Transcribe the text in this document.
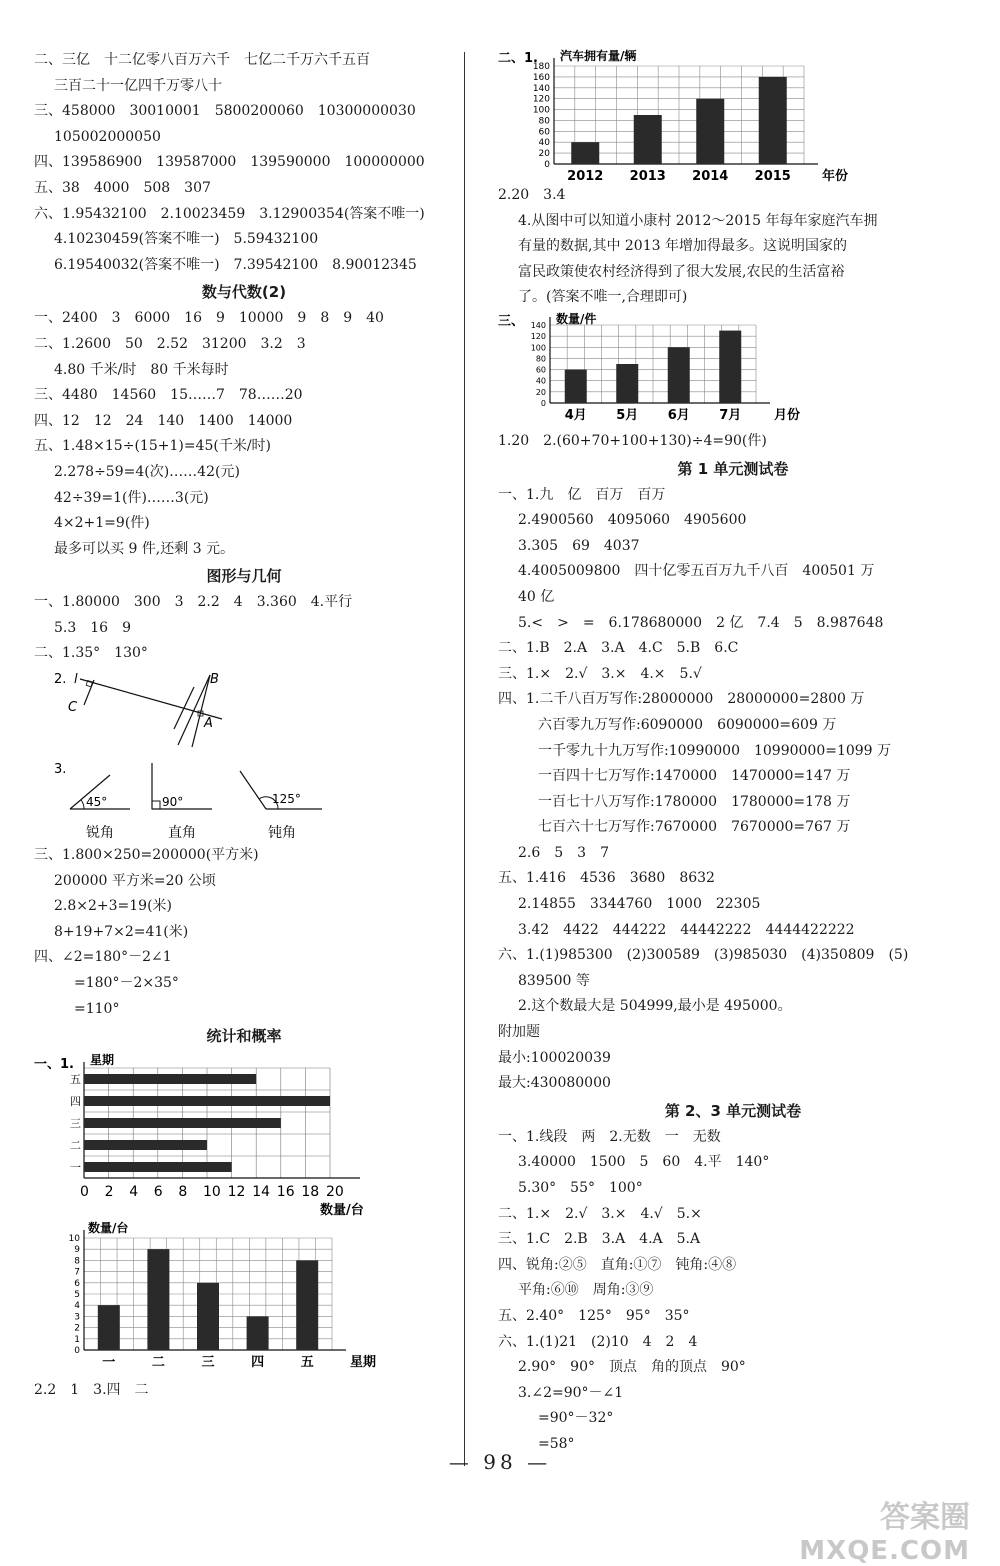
二、三亿　十二亿零八百万六千　七亿二千万六千五百
三百二十一亿四千万零八十
三、458000　30010001　5800200060　10300000030
105002000050
四、139586900　139587000　139590000　100000000
五、38　4000　508　307
六、1.95432100　2.10023459　3.12900354(答案不唯一)
4.10230459(答案不唯一)　5.59432100
6.19540032(答案不唯一)　7.39542100　8.90012345
数与代数(2)
一、2400　3　6000　16　9　10000　9　8　9　40
二、1.2600　50　2.52　31200　3.2　3
4.80 千米/时　80 千米每时
三、4480　14560　15……7　78……20
四、12　12　24　140　1400　14000
五、1.48×15÷(15+1)=45(千米/时)
2.278÷59=4(次)……42(元)
42÷39=1(件)……3(元)
4×2+1=9(件)
最多可以买 9 件,还剩 3 元。
图形与几何
一、1.80000　300　3　2.2　4　3.360　4.平行
5.3　16　9
二、1.35°　130°
2. l
C
B
A
3.
45°
锐角
90°
直角
125°
钝角
三、1.800×250=200000(平方米)
200000 平方米=20 公顷
2.8×2+3=19(米)
8+19+7×2=41(米)
四、∠2=180°－2∠1
=180°－2×35°
=110°
统计和概率
一、1. 星期
五
四
三
二
一
0 2 4 6 8 10 12 14 16 18 20
数量/台
数量/台
0
1
2
3
4
5
6
7
8
9
10
一	二	三	四	五	星期
2.2　1　3.四　二
二、1. 汽车拥有量/辆
0
20
40
60
80
100
120
140
160
180
2012 2013 2014 2015 年份
2.20　3.4
4.从图中可以知道小康村 2012～2015 年每年家庭汽车拥
有量的数据,其中 2013 年增加得最多。这说明国家的
富民政策使农村经济得到了很大发展,农民的生活富裕
了。(答案不唯一,合理即可)
三、	数量/件
0
20
40
60
80
100
120
140
4月 5月 6月 7月	月份
1.20　2.(60+70+100+130)÷4=90(件)
第 1 单元测试卷
一、1.九　亿　百万　百万
2.4900560　4095060　4905600
3.305　69　4037
4.4005009800　四十亿零五百万九千八百　400501 万
40 亿
5.<　>　=　6.178680000　2 亿　7.4　5　8.987648
二、1.B　2.A　3.A　4.C　5.B　6.C
三、1.×　2.√　3.×　4.×　5.√
四、1.二千八百万写作:28000000　28000000=2800 万
六百零九万写作:6090000　6090000=609 万
一千零九十九万写作:10990000　10990000=1099 万
一百四十七万写作:1470000　1470000=147 万
一百七十八万写作:1780000　1780000=178 万
七百六十七万写作:7670000　7670000=767 万
2.6　5　3　7
五、1.416　4536　3680　8632
2.14855　3344760　1000　22305
3.42　4422　444222　44442222　4444422222
六、1.(1)985300　(2)300589　(3)985030　(4)350809　(5)
839500 等
2.这个数最大是 504999,最小是 495000。
附加题
最小:100020039
最大:430080000
第 2、3 单元测试卷
一、1.线段　两　2.无数　一　无数
3.40000　1500　5　60　4.平　140°
5.30°　55°　100°
二、1.×　2.√　3.×　4.√　5.×
三、1.C　2.B　3.A　4.A　5.A
四、锐角:②⑤　直角:①⑦　钝角:④⑧
平角:⑥⑩　周角:③⑨
五、2.40°　125°　95°　35°
六、1.(1)21　(2)10　4　2　4
2.90°　90°　顶点　角的顶点　90°
3.∠2=90°－∠1
=90°－32°
=58°
— 98 —
答案圈
MXQE.COM
